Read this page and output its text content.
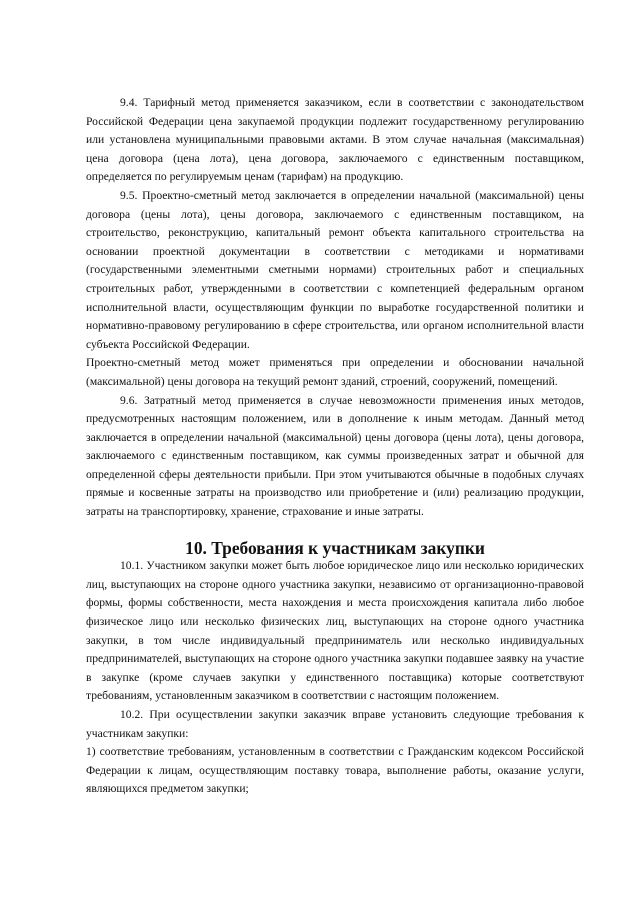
9.4. Тарифный метод применяется заказчиком, если в соответствии с законодательством Российской Федерации цена закупаемой продукции подлежит государственному регулированию или установлена муниципальными правовыми актами. В этом случае начальная (максимальная) цена договора (цена лота), цена договора, заключаемого с единственным поставщиком, определяется по регулируемым ценам (тарифам) на продукцию.

9.5. Проектно-сметный метод заключается в определении начальной (максимальной) цены договора (цены лота), цены договора, заключаемого с единственным поставщиком, на строительство, реконструкцию, капитальный ремонт объекта капитального строительства на основании проектной документации в соответствии с методиками и нормативами (государственными элементными сметными нормами) строительных работ и специальных строительных работ, утвержденными в соответствии с компетенцией федеральным органом исполнительной власти, осуществляющим функции по выработке государственной политики и нормативно-правовому регулированию в сфере строительства, или органом исполнительной власти субъекта Российской Федерации.

Проектно-сметный метод может применяться при определении и обосновании начальной (максимальной) цены договора на текущий ремонт зданий, строений, сооружений, помещений.

9.6. Затратный метод применяется в случае невозможности применения иных методов, предусмотренных настоящим положением, или в дополнение к иным методам. Данный метод заключается в определении начальной (максимальной) цены договора (цены лота), цены договора, заключаемого с единственным поставщиком, как суммы произведенных затрат и обычной для определенной сферы деятельности прибыли. При этом учитываются обычные в подобных случаях прямые и косвенные затраты на производство или приобретение и (или) реализацию продукции, затраты на транспортировку, хранение, страхование и иные затраты.

10. Требования к участникам закупки

10.1. Участником закупки может быть любое юридическое лицо или несколько юридических лиц, выступающих на стороне одного участника закупки, независимо от организационно-правовой формы, формы собственности, места нахождения и места происхождения капитала либо любое физическое лицо или несколько физических лиц, выступающих на стороне одного участника закупки, в том числе индивидуальный предприниматель или несколько индивидуальных предпринимателей, выступающих на стороне одного участника закупки подавшее заявку на участие в закупке (кроме случаев закупки у единственного поставщика) которые соответствуют требованиям, установленным заказчиком в соответствии с настоящим положением.

10.2. При осуществлении закупки заказчик вправе установить следующие требования к участникам закупки:

1) соответствие требованиям, установленным в соответствии с Гражданским кодексом Российской Федерации к лицам, осуществляющим поставку товара, выполнение работы, оказание услуги, являющихся предметом закупки;
